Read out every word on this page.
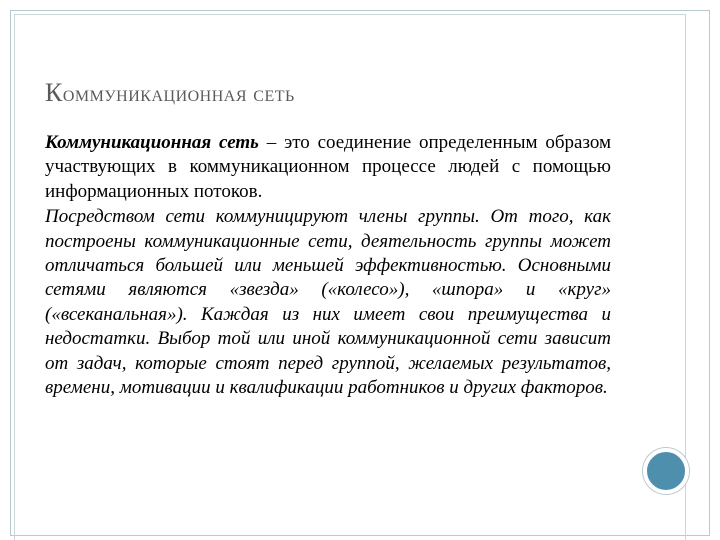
Коммуникационная сеть

Коммуникационная сеть – это соединение определенным образом участвующих в коммуникационном процессе людей с помощью информационных потоков.

Посредством сети коммуницируют члены группы. От того, как построены коммуникационные сети, деятельность группы может отличаться большей или меньшей эффективностью. Основными сетями являются «звезда» («колесо»), «шпора» и «круг» («всеканальная»). Каждая из них имеет свои преимущества и недостатки. Выбор той или иной коммуникационной сети зависит от задач, которые стоят перед группой, желаемых результатов, времени, мотивации и квалификации работников и других факторов.
